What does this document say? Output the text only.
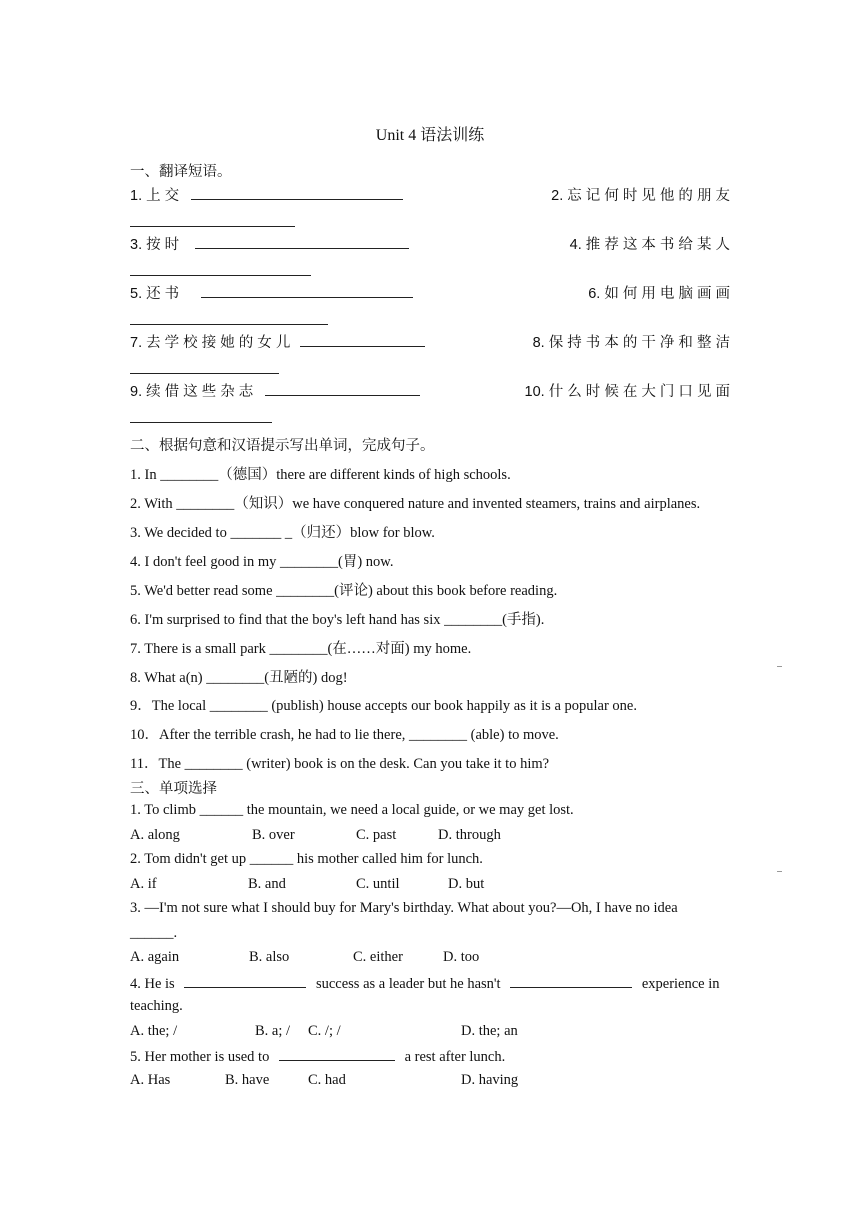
Unit 4 语法训练
一、翻译短语。
1. 上 交	2. 忘 记 何 时 见 他 的 朋 友
3. 按 时	4. 推 荐 这 本 书 给 某 人
5. 还 书	6. 如 何 用 电 脑 画 画
7. 去 学 校 接 她 的 女 儿	8. 保 持 书 本 的 干 净 和 整 洁
9. 续 借 这 些 杂 志	10. 什 么 时 候 在 大 门 口 见 面
二、根据句意和汉语提示写出单词，完成句子。
1. In ________（德国）there are different kinds of high schools.
2. With ________（知识）we have conquered nature and invented steamers, trains and airplanes.
3. We decided to _______ _（归还）blow for blow.
4. I don't feel good in my ________(胃) now.
5. We'd better read some ________(评论) about this book before reading.
6. I'm surprised to find that the boy's left hand has six ________(手指).
7. There is a small park ________(在……对面) my home.
8. What a(n) ________(丑陋的) dog!
9．The local ________ (publish) house accepts our book happily as it is a popular one.
10．After the terrible crash, he had to lie there, ________ (able) to move.
11．The ________ (writer) book is on the desk. Can you take it to him?
三、单项选择
1. To climb ______ the mountain, we need a local guide, or we may get lost.
A. along	B. over	C. past	D. through
2. Tom didn't get up ______ his mother called him for lunch.
A. if	B. and	C. until	D. but
3. —I'm not sure what I should buy for Mary's birthday. What about you?—Oh, I have no idea
______.
A. again	B. also	C. either	D. too
4. He is	success as a leader but he hasn't	experience in
teaching.
A. the; /	B. a; / C. /; /	D. the; an
5. Her mother is used to	a rest after lunch.
A. Has	B. have	C. had	D. having
